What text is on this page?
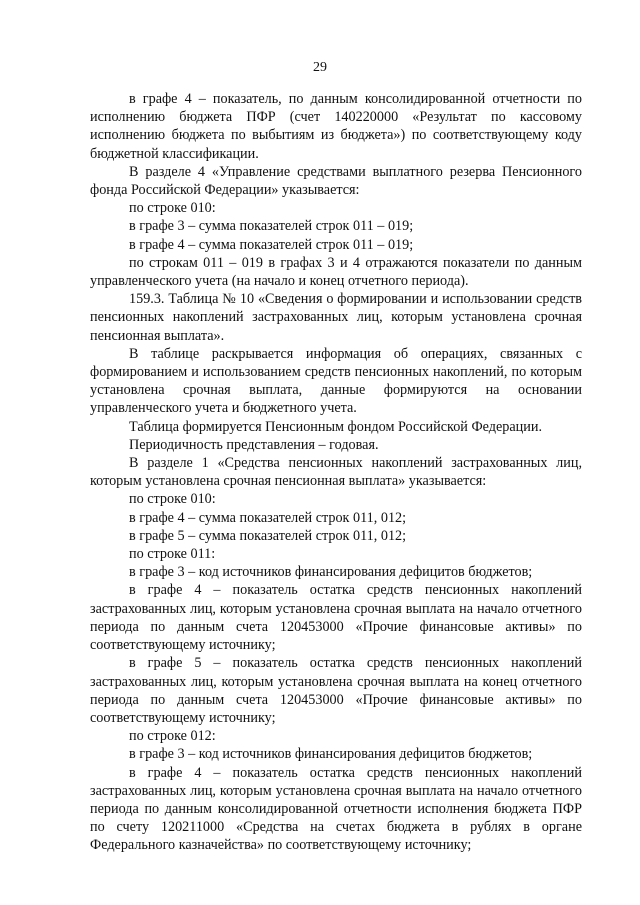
29

в графе 4 – показатель, по данным консолидированной отчетности по исполнению бюджета ПФР (счет 140220000 «Результат по кассовому исполнению бюджета по выбытиям из бюджета») по соответствующему коду бюджетной классификации.

В разделе 4 «Управление средствами выплатного резерва Пенсионного фонда Российской Федерации» указывается:

по строке 010:

в графе 3 – сумма показателей строк 011 – 019;

в графе 4 – сумма показателей строк 011 – 019;

по строкам 011 – 019 в графах 3 и 4 отражаются показатели по данным управленческого учета (на начало и конец отчетного периода).

159.3. Таблица № 10 «Сведения о формировании и использовании средств пенсионных накоплений застрахованных лиц, которым установлена срочная пенсионная выплата».

В таблице раскрывается информация об операциях, связанных с формированием и использованием средств пенсионных накоплений, по которым установлена срочная выплата, данные формируются на основании управленческого учета и бюджетного учета.

Таблица формируется Пенсионным фондом Российской Федерации.

Периодичность представления – годовая.

В разделе 1 «Средства пенсионных накоплений застрахованных лиц, которым установлена срочная пенсионная выплата» указывается:

по строке 010:

в графе 4 – сумма показателей строк 011, 012;

в графе 5 – сумма показателей строк 011, 012;

по строке 011:

в графе 3 – код источников финансирования дефицитов бюджетов;

в графе 4 – показатель остатка средств пенсионных накоплений застрахованных лиц, которым установлена срочная выплата на начало отчетного периода по данным счета 120453000 «Прочие финансовые активы» по соответствующему источнику;

в графе 5 – показатель остатка средств пенсионных накоплений застрахованных лиц, которым установлена срочная выплата на конец отчетного периода по данным счета 120453000 «Прочие финансовые активы» по соответствующему источнику;

по строке 012:

в графе 3 – код источников финансирования дефицитов бюджетов;

в графе 4 – показатель остатка средств пенсионных накоплений застрахованных лиц, которым установлена срочная выплата на начало отчетного периода по данным консолидированной отчетности исполнения бюджета ПФР по счету 120211000 «Средства на счетах бюджета в рублях в органе Федерального казначейства» по соответствующему источнику;
